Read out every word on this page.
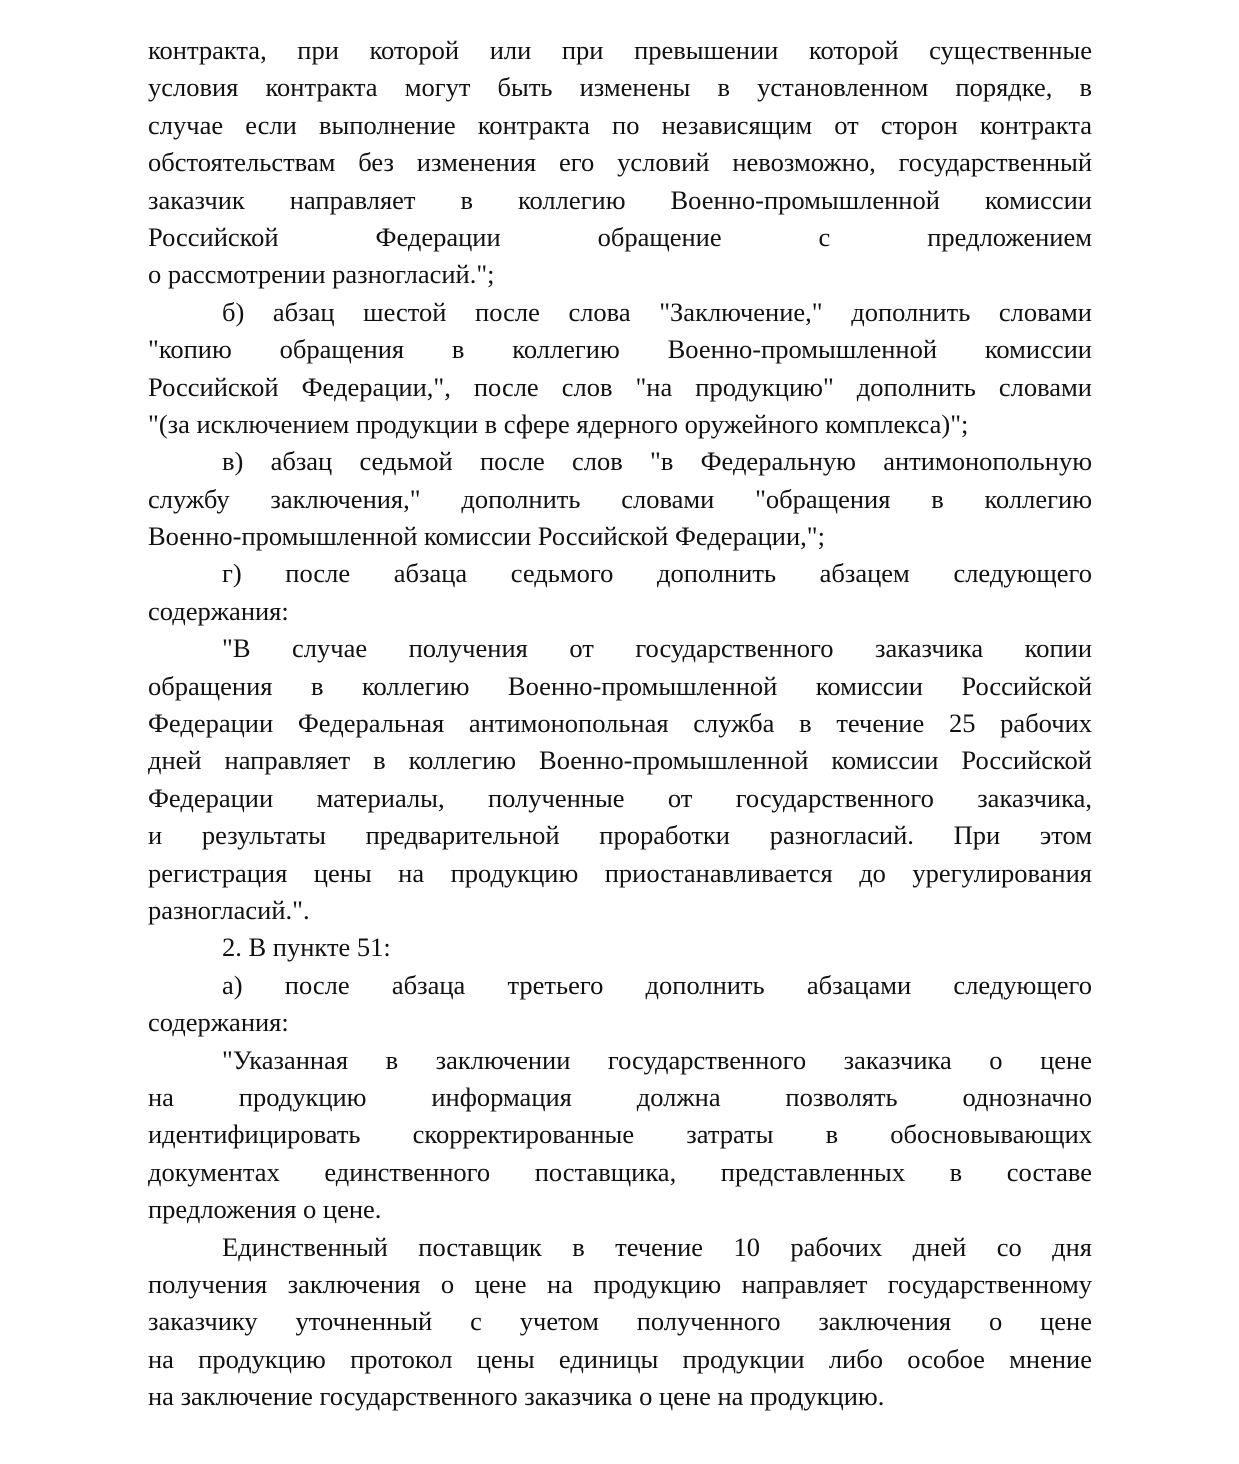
контракта, при которой или при превышении которой существенные
условия контракта могут быть изменены в установленном порядке, в
случае если выполнение контракта по независящим от сторон контракта
обстоятельствам без изменения его условий невозможно, государственный
заказчик направляет в коллегию Военно-промышленной комиссии
Российской Федерации обращение с предложением
о рассмотрении разногласий.";
б) абзац шестой после слова "Заключение," дополнить словами
"копию обращения в коллегию Военно-промышленной комиссии
Российской Федерации,", после слов "на продукцию" дополнить словами
"(за исключением продукции в сфере ядерного оружейного комплекса)";
в) абзац седьмой после слов "в Федеральную антимонопольную
службу заключения," дополнить словами "обращения в коллегию
Военно-промышленной комиссии Российской Федерации,";
г) после абзаца седьмого дополнить абзацем следующего
содержания:
"В случае получения от государственного заказчика копии
обращения в коллегию Военно-промышленной комиссии Российской
Федерации Федеральная антимонопольная служба в течение 25 рабочих
дней направляет в коллегию Военно-промышленной комиссии Российской
Федерации материалы, полученные от государственного заказчика,
и результаты предварительной проработки разногласий. При этом
регистрация цены на продукцию приостанавливается до урегулирования
разногласий.".
2. В пункте 51:
а) после абзаца третьего дополнить абзацами следующего
содержания:
"Указанная в заключении государственного заказчика о цене
на продукцию информация должна позволять однозначно
идентифицировать скорректированные затраты в обосновывающих
документах единственного поставщика, представленных в составе
предложения о цене.
Единственный поставщик в течение 10 рабочих дней со дня
получения заключения о цене на продукцию направляет государственному
заказчику уточненный с учетом полученного заключения о цене
на продукцию протокол цены единицы продукции либо особое мнение
на заключение государственного заказчика о цене на продукцию.
